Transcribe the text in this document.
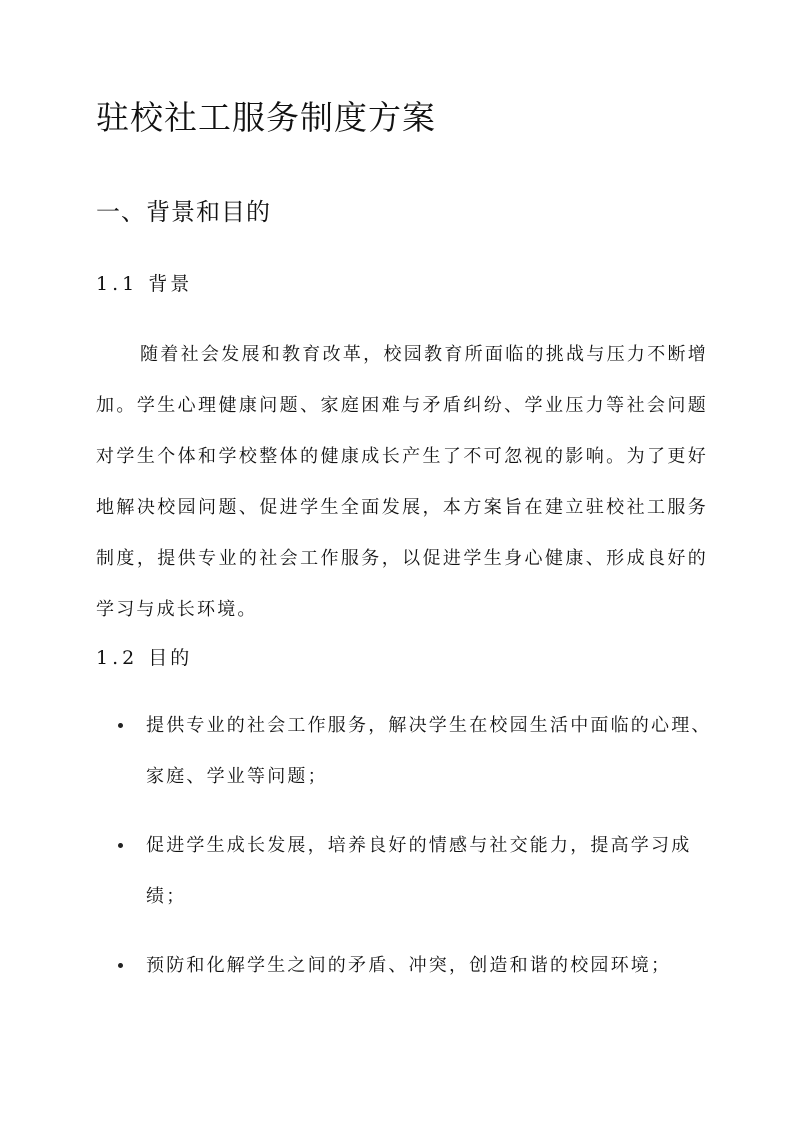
驻校社工服务制度方案
一、背景和目的
1.1 背景

随着社会发展和教育改革，校园教育所面临的挑战与压力不断增加。学生心理健康问题、家庭困难与矛盾纠纷、学业压力等社会问题对学生个体和学校整体的健康成长产生了不可忽视的影响。为了更好地解决校园问题、促进学生全面发展，本方案旨在建立驻校社工服务制度，提供专业的社会工作服务，以促进学生身心健康、形成良好的学习与成长环境。

1.2 目的
提供专业的社会工作服务，解决学生在校园生活中面临的心理、家庭、学业等问题；
促进学生成长发展，培养良好的情感与社交能力，提高学习成绩；
预防和化解学生之间的矛盾、冲突，创造和谐的校园环境；
